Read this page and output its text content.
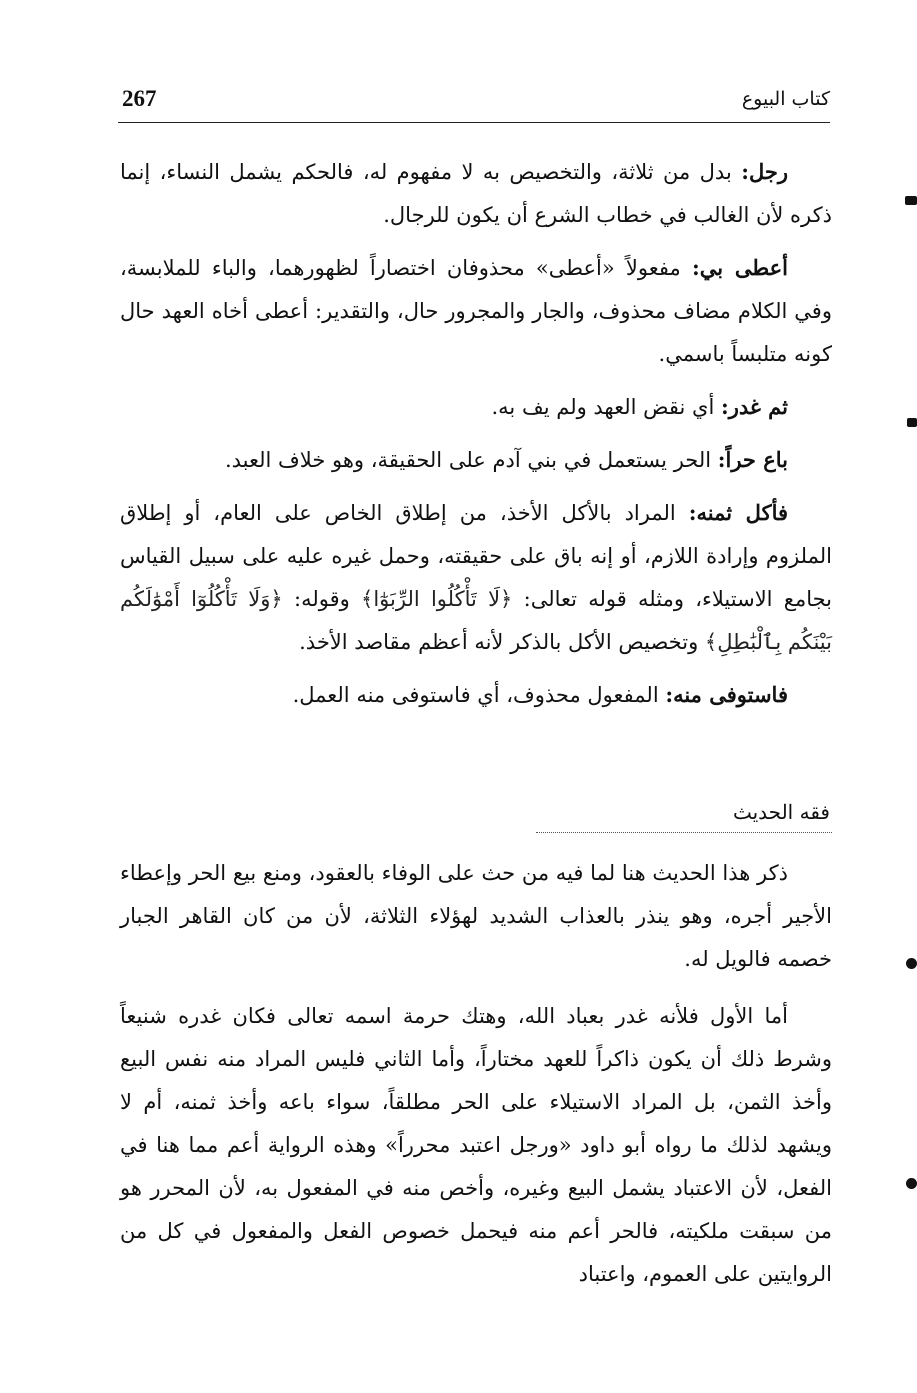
267	كتاب البيوع

رجل: بدل من ثلاثة، والتخصيص به لا مفهوم له، فالحكم يشمل النساء، إنما ذكره لأن الغالب في خطاب الشرع أن يكون للرجال.

أعطى بي: مفعولاً «أعطى» محذوفان اختصاراً لظهورهما، والباء للملابسة، وفي الكلام مضاف محذوف، والجار والمجرور حال، والتقدير: أعطى أخاه العهد حال كونه متلبساً باسمي.

ثم غدر: أي نقض العهد ولم يف به.

باع حراً: الحر يستعمل في بني آدم على الحقيقة، وهو خلاف العبد.

فأكل ثمنه: المراد بالأكل الأخذ، من إطلاق الخاص على العام، أو إطلاق الملزوم وإرادة اللازم، أو إنه باق على حقيقته، وحمل غيره عليه على سبيل القياس بجامع الاستيلاء، ومثله قوله تعالى: ﴿لَا تَأْكُلُوا الرِّبَوٰٓا﴾ وقوله: ﴿وَلَا تَأْكُلُوٓا أَمْوَٰلَكُم بَيْنَكُم بِٱلْبَٰطِلِ﴾ وتخصيص الأكل بالذكر لأنه أعظم مقاصد الأخذ.

فاستوفى منه: المفعول محذوف، أي فاستوفى منه العمل.

فقه الحديث

ذكر هذا الحديث هنا لما فيه من حث على الوفاء بالعقود، ومنع بيع الحر وإعطاء الأجير أجره، وهو ينذر بالعذاب الشديد لهؤلاء الثلاثة، لأن من كان القاهر الجبار خصمه فالويل له.

أما الأول فلأنه غدر بعباد الله، وهتك حرمة اسمه تعالى فكان غدره شنيعاً وشرط ذلك أن يكون ذاكراً للعهد مختاراً، وأما الثاني فليس المراد منه نفس البيع وأخذ الثمن، بل المراد الاستيلاء على الحر مطلقاً، سواء باعه وأخذ ثمنه، أم لا ويشهد لذلك ما رواه أبو داود «ورجل اعتبد محرراً» وهذه الرواية أعم مما هنا في الفعل، لأن الاعتباد يشمل البيع وغيره، وأخص منه في المفعول به، لأن المحرر هو من سبقت ملكيته، فالحر أعم منه فيحمل خصوص الفعل والمفعول في كل من الروايتين على العموم، واعتباد
